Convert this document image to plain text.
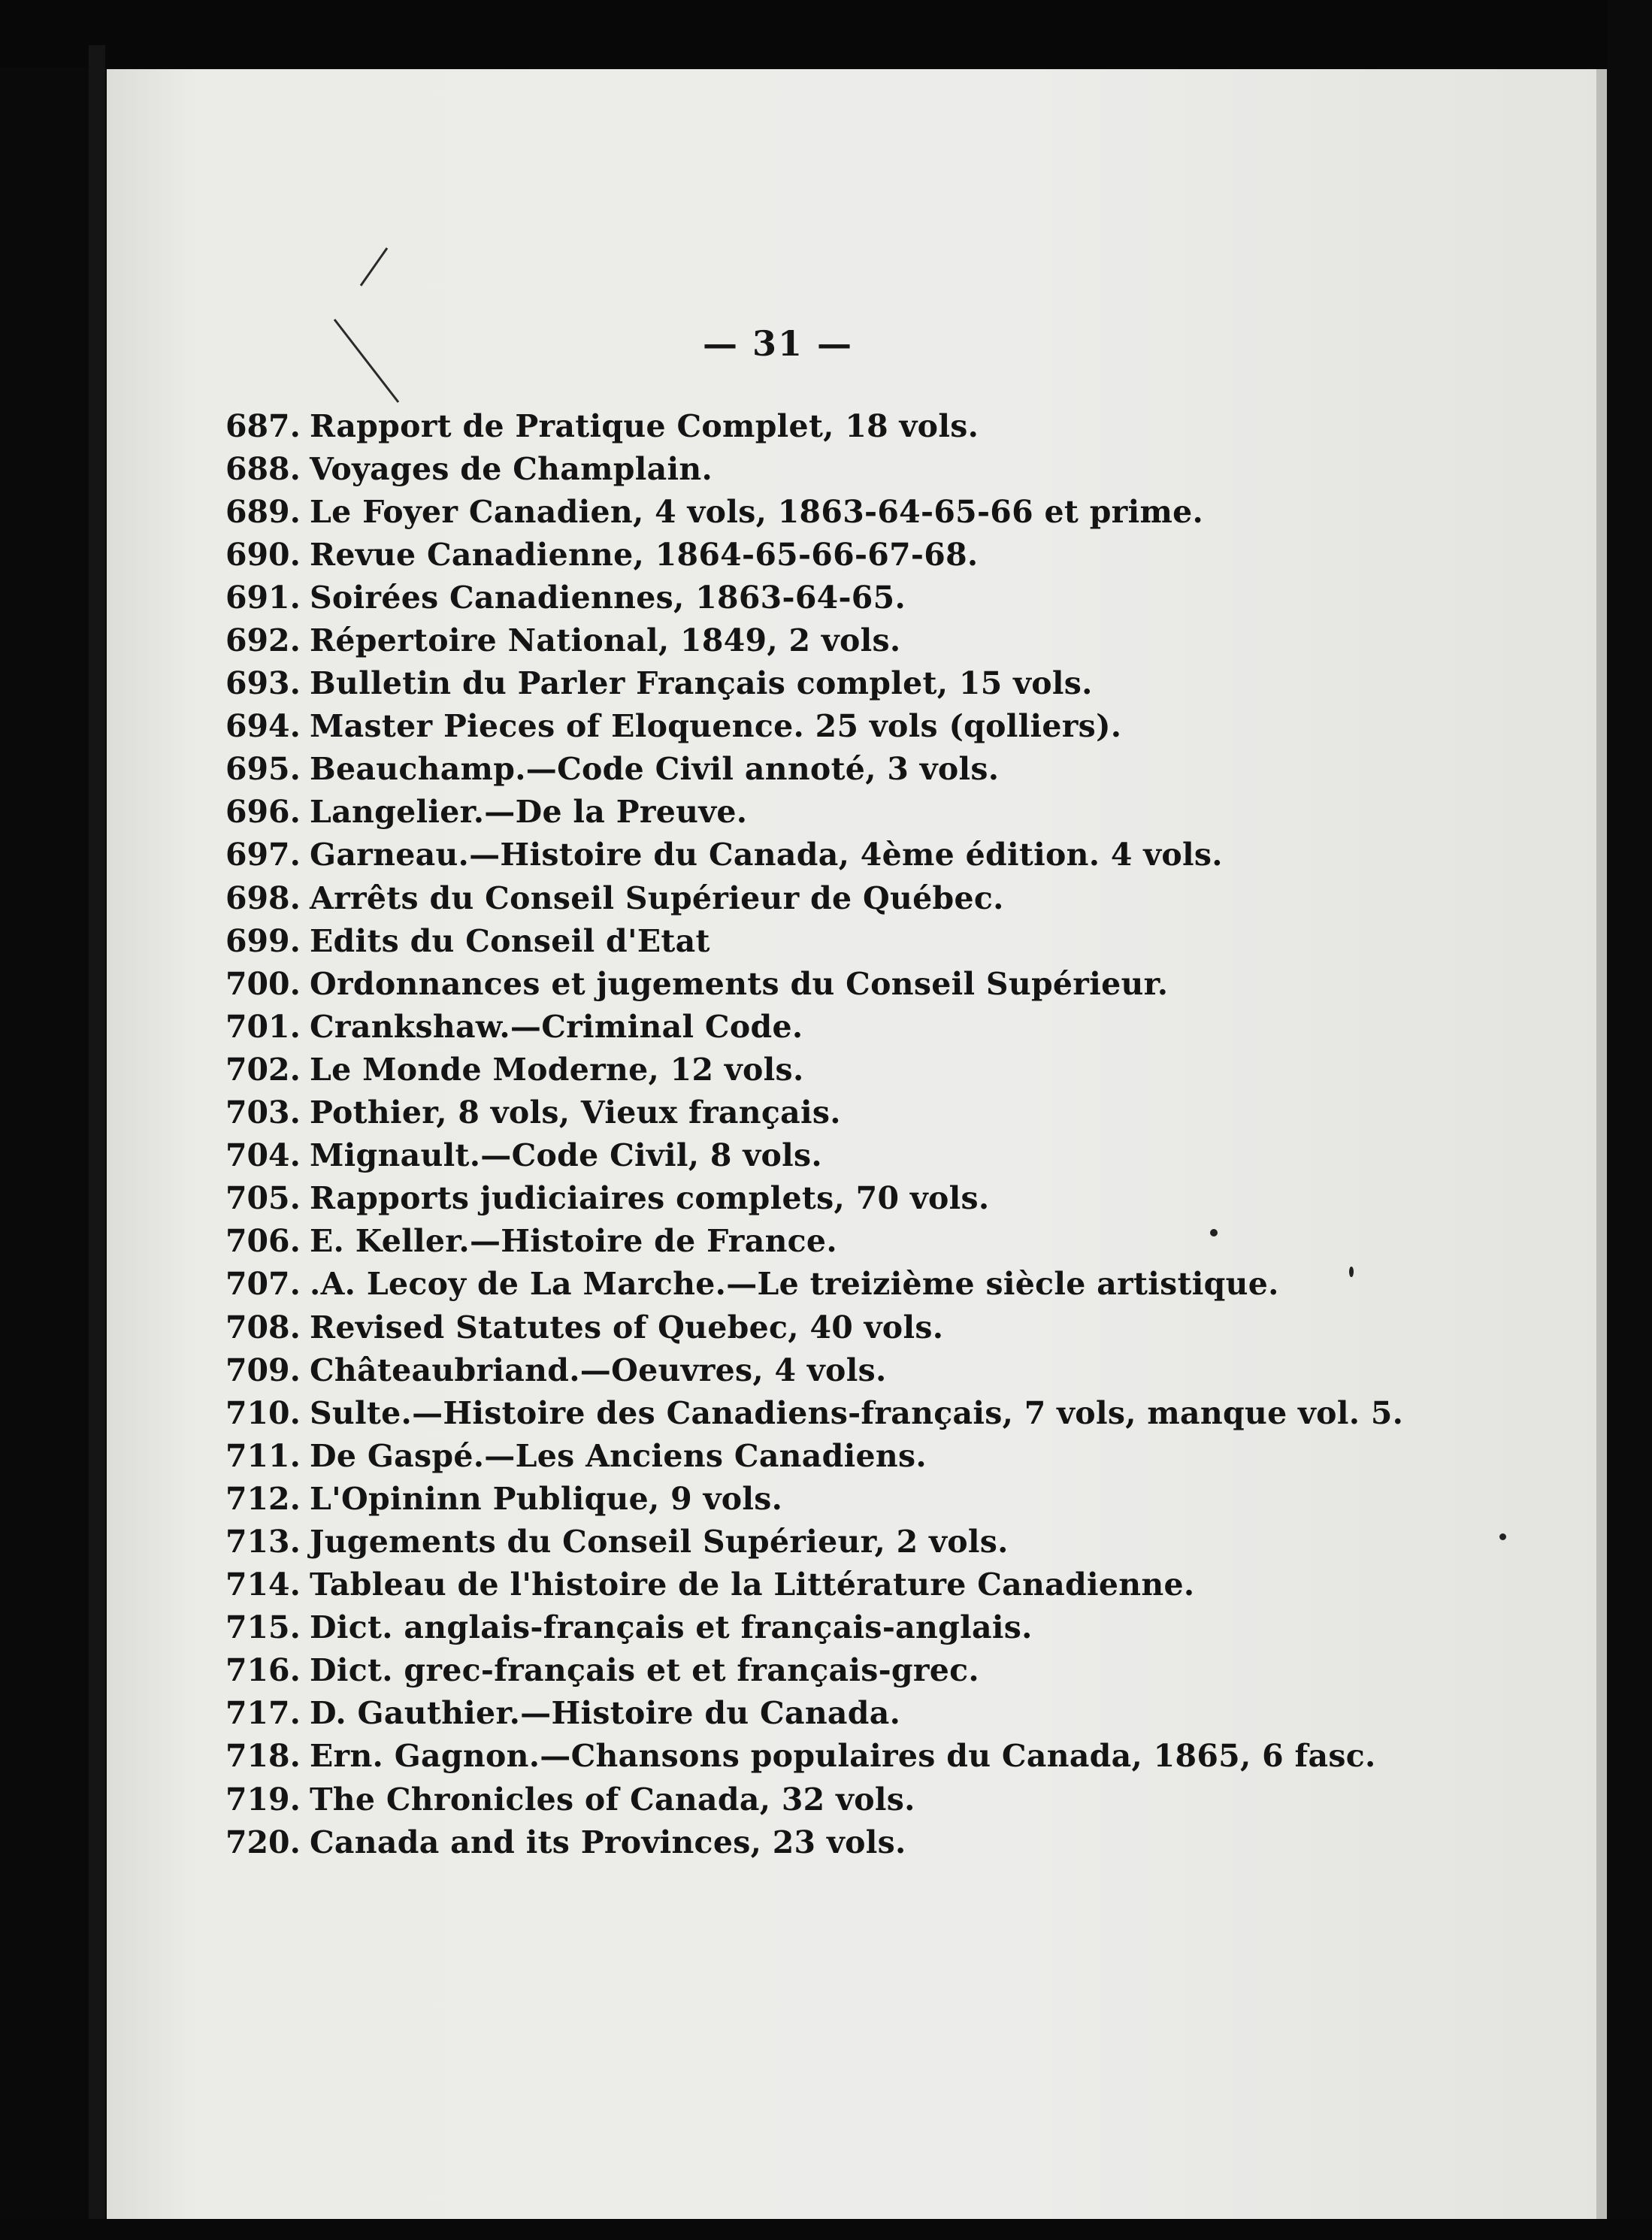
— 31 —
687. Rapport de Pratique Complet, 18 vols.
688. Voyages de Champlain.
689. Le Foyer Canadien, 4 vols, 1863-64-65-66 et prime.
690. Revue Canadienne, 1864-65-66-67-68.
691. Soirées Canadiennes, 1863-64-65.
692. Répertoire National, 1849, 2 vols.
693. Bulletin du Parler Français complet, 15 vols.
694. Master Pieces of Eloquence. 25 vols (qolliers).
695. Beauchamp.—Code Civil annoté, 3 vols.
696. Langelier.—De la Preuve.
697. Garneau.—Histoire du Canada, 4ème édition. 4 vols.
698. Arrêts du Conseil Supérieur de Québec.
699. Edits du Conseil d'Etat
700. Ordonnances et jugements du Conseil Supérieur.
701. Crankshaw.—Criminal Code.
702. Le Monde Moderne, 12 vols.
703. Pothier, 8 vols, Vieux français.
704. Mignault.—Code Civil, 8 vols.
705. Rapports judiciaires complets, 70 vols.
706. E. Keller.—Histoire de France.
707. .A. Lecoy de La Marche.—Le treizième siècle artistique.
708. Revised Statutes of Quebec, 40 vols.
709. Châteaubriand.—Oeuvres, 4 vols.
710. Sulte.—Histoire des Canadiens-français, 7 vols, manque vol. 5.
711. De Gaspé.—Les Anciens Canadiens.
712. L'Opininn Publique, 9 vols.
713. Jugements du Conseil Supérieur, 2 vols.
714. Tableau de l'histoire de la Littérature Canadienne.
715. Dict. anglais-français et français-anglais.
716. Dict. grec-français et et français-grec.
717. D. Gauthier.—Histoire du Canada.
718. Ern. Gagnon.—Chansons populaires du Canada, 1865, 6 fasc.
719. The Chronicles of Canada, 32 vols.
720. Canada and its Provinces, 23 vols.
